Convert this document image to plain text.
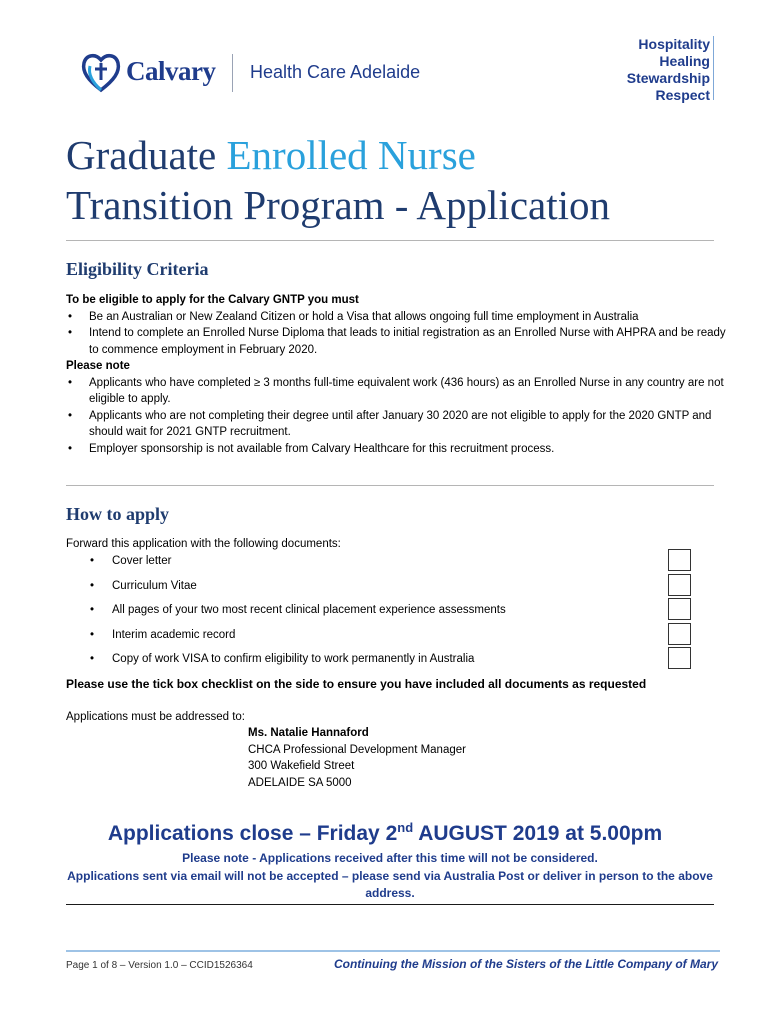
Calvary Health Care Adelaide
Hospitality
Healing
Stewardship
Respect
Graduate Enrolled Nurse
Transition Program - Application
Eligibility Criteria
To be eligible to apply for the Calvary GNTP you must
• Be an Australian or New Zealand Citizen or hold a Visa that allows ongoing full time employment in Australia
• Intend to complete an Enrolled Nurse Diploma that leads to initial registration as an Enrolled Nurse with AHPRA and be ready to commence employment in February 2020.
Please note
• Applicants who have completed ≥ 3 months full-time equivalent work (436 hours) as an Enrolled Nurse in any country are not eligible to apply.
• Applicants who are not completing their degree until after January 30 2020 are not eligible to apply for the 2020 GNTP and should wait for 2021 GNTP recruitment.
• Employer sponsorship is not available from Calvary Healthcare for this recruitment process.
How to apply
Forward this application with the following documents:
• Cover letter
• Curriculum Vitae
• All pages of your two most recent clinical placement experience assessments
• Interim academic record
• Copy of work VISA to confirm eligibility to work permanently in Australia
Please use the tick box checklist on the side to ensure you have included all documents as requested
Applications must be addressed to:
Ms. Natalie Hannaford
CHCA Professional Development Manager
300 Wakefield Street
ADELAIDE SA 5000
Applications close – Friday 2nd AUGUST 2019 at 5.00pm
Please note - Applications received after this time will not be considered.
Applications sent via email will not be accepted – please send via Australia Post or deliver in person to the above address.
Page 1 of 8 – Version 1.0 – CCID1526364	Continuing the Mission of the Sisters of the Little Company of Mary
